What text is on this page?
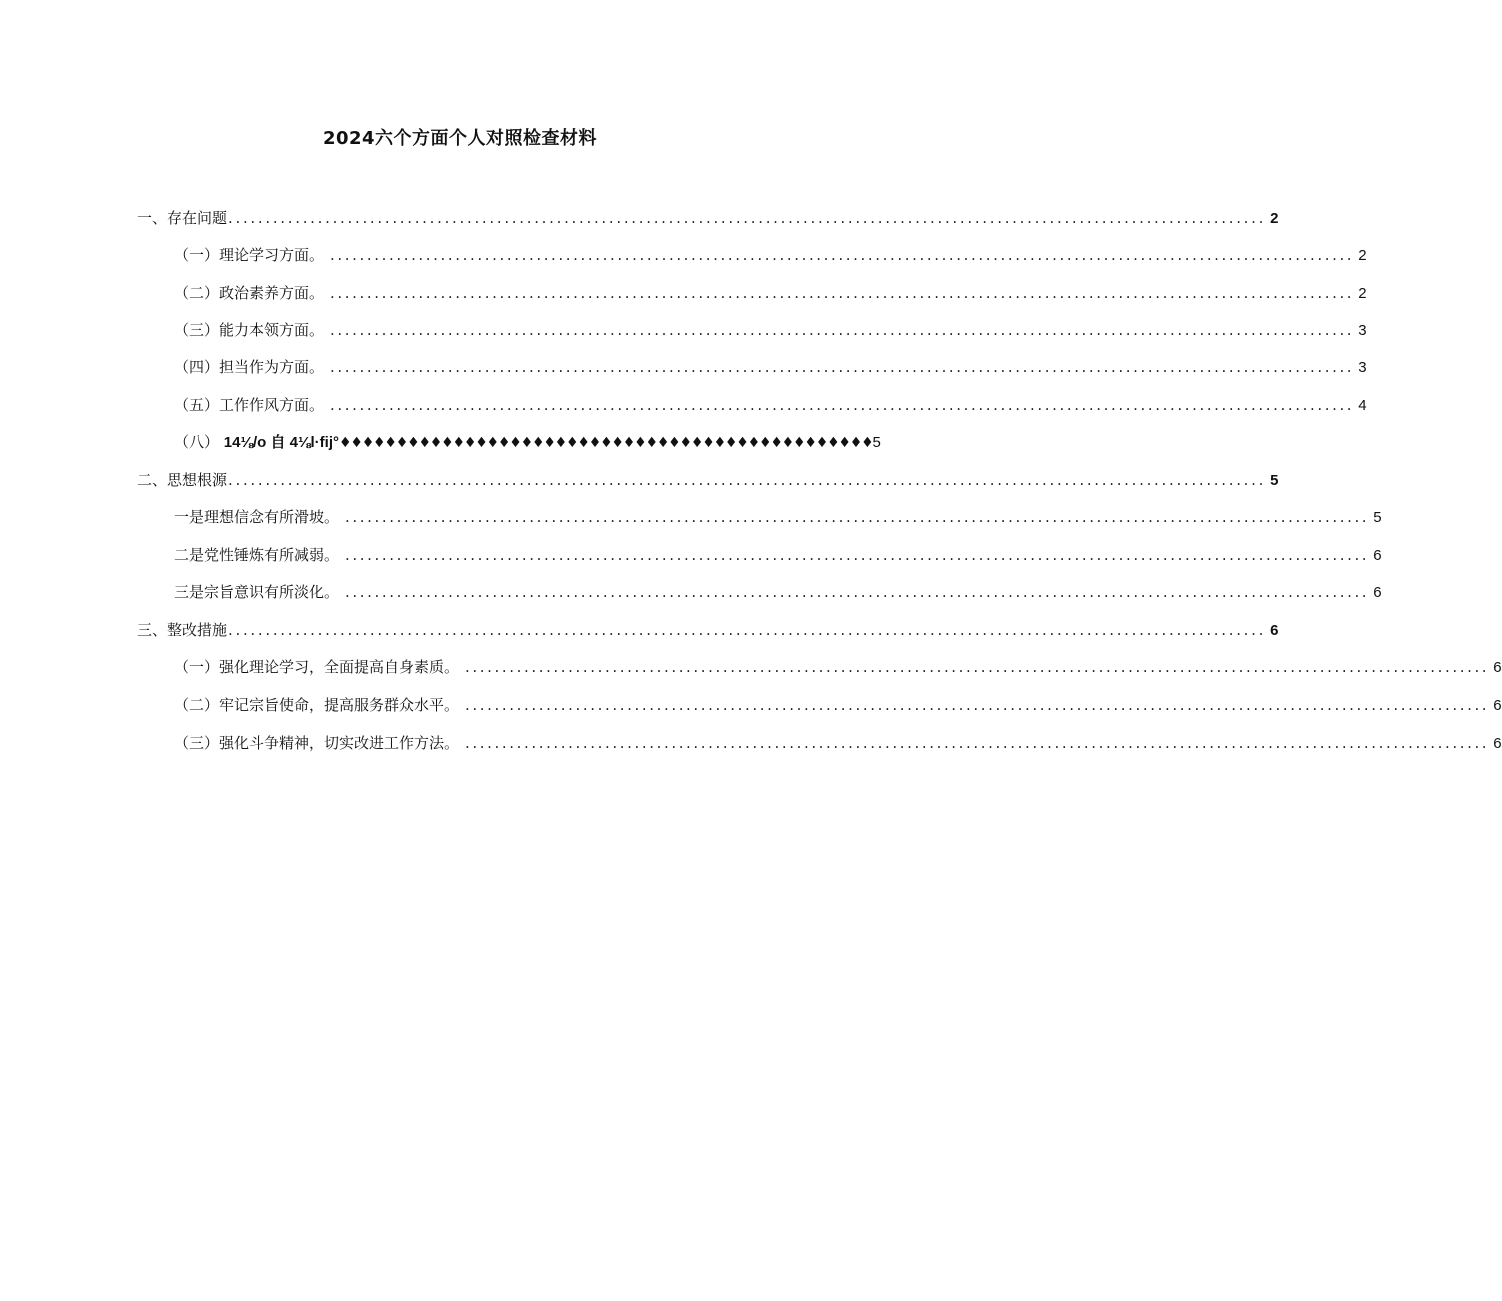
2024六个方面个人对照检查材料
一、存在问题 ........................................................................................................................................... 2
（一）理论学习方面。 ........................................................................................................................................... 2
（二）政治素养方面。 ........................................................................................................................................... 2
（三）能力本领方面。 ........................................................................................................................................... 3
（四）担当作为方面。 ........................................................................................................................................... 3
（五）工作作风方面。 ........................................................................................................................................... 4
（八） 14⅛/o 自 4⅛l·fij° ♦♦♦♦♦♦♦♦♦♦♦♦♦♦♦♦♦♦♦♦♦♦♦♦♦♦♦♦♦♦♦♦♦♦♦♦♦♦♦♦♦♦♦♦♦♦♦ 5
二、思想根源 ........................................................................................................................................... 5
一是理想信念有所滑坡。 ........................................................................................................................................... 5
二是党性锤炼有所减弱。 ........................................................................................................................................... 6
三是宗旨意识有所淡化。 ........................................................................................................................................... 6
三、整改措施 ........................................................................................................................................... 6
（一）强化理论学习，全面提高自身素质。 ........................................................................................................................................... 6
（二）牢记宗旨使命，提高服务群众水平。 ........................................................................................................................................... 6
（三）强化斗争精神，切实改进工作方法。 ........................................................................................................................................... 6
